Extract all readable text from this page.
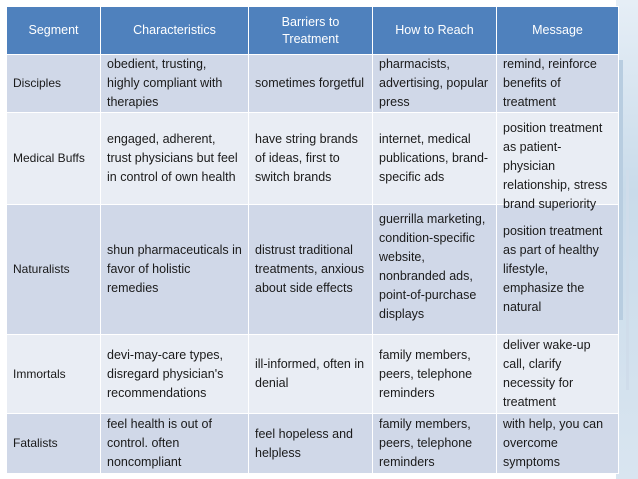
Segment	Characteristics	Barriers to Treatment	How to Reach	Message
Disciples	obedient, trusting, highly compliant with therapies	sometimes forgetful	pharmacists, advertising, popular press	remind, reinforce benefits of treatment
Medical Buffs	engaged, adherent, trust physicians but feel in control of own health	have string brands of ideas, first to switch brands	internet, medical publications, brand-specific ads	position treatment as patient-physician relationship, stress brand superiority

Naturalists	shun pharmaceuticals in favor of holistic remedies	distrust traditional treatments, anxious about side effects	guerrilla marketing, condition-specific website, nonbranded ads, point-of-purchase displays	position treatment as part of healthy lifestyle, emphasize the natural
Immortals	devi-may-care types, disregard physician's recommendations	ill-informed, often in denial	family members, peers, telephone reminders	deliver wake-up call, clarify necessity for treatment
Fatalists	feel health is out of control. often noncompliant	feel hopeless and helpless	family members, peers, telephone reminders	with help, you can overcome symptoms
